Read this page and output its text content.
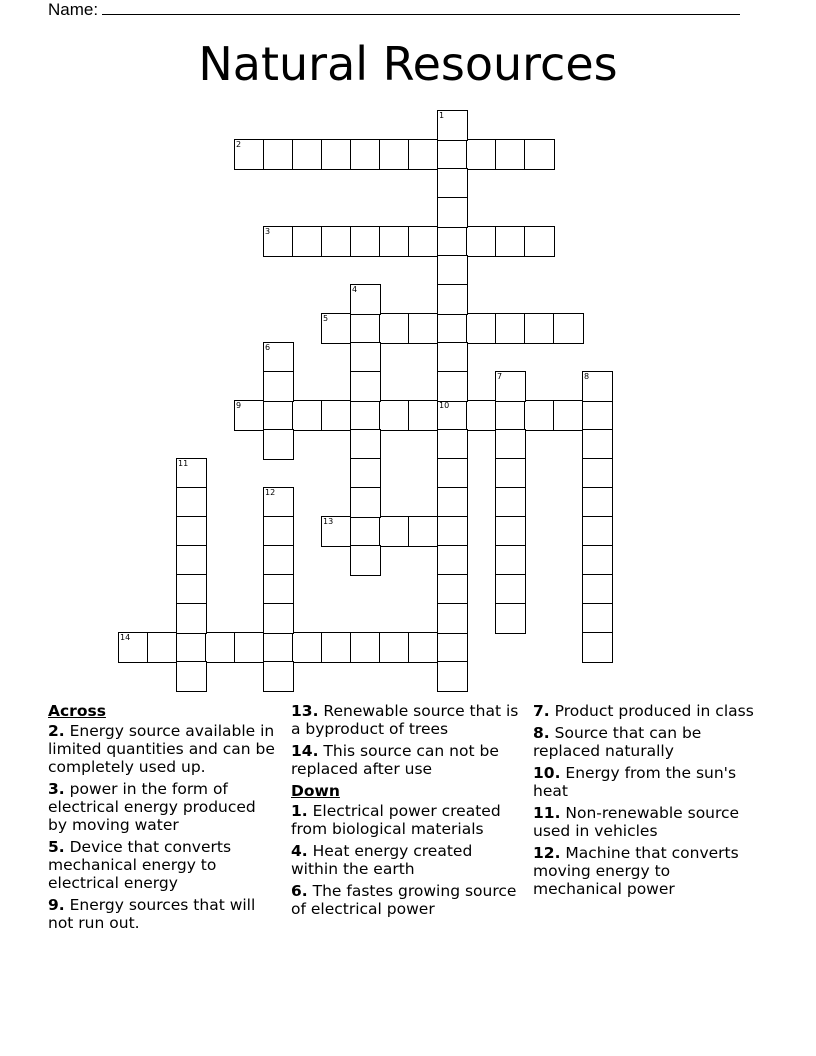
Name:
Natural Resources
1
2
3
4
5
6
7	8
9	10
11
12
13
14
Across
2. Energy source available in limited quantities and can be completely used up.
3. power in the form of electrical energy produced by moving water
5. Device that converts mechanical energy to electrical energy
9. Energy sources that will not run out.
13. Renewable source that is a byproduct of trees
14. This source can not be replaced after use
Down
1. Electrical power created from biological materials
4. Heat energy created within the earth
6. The fastes growing source of electrical power
7. Product produced in class
8. Source that can be replaced naturally
10. Energy from the sun's heat
11. Non-renewable source used in vehicles
12. Machine that converts moving energy to mechanical power
